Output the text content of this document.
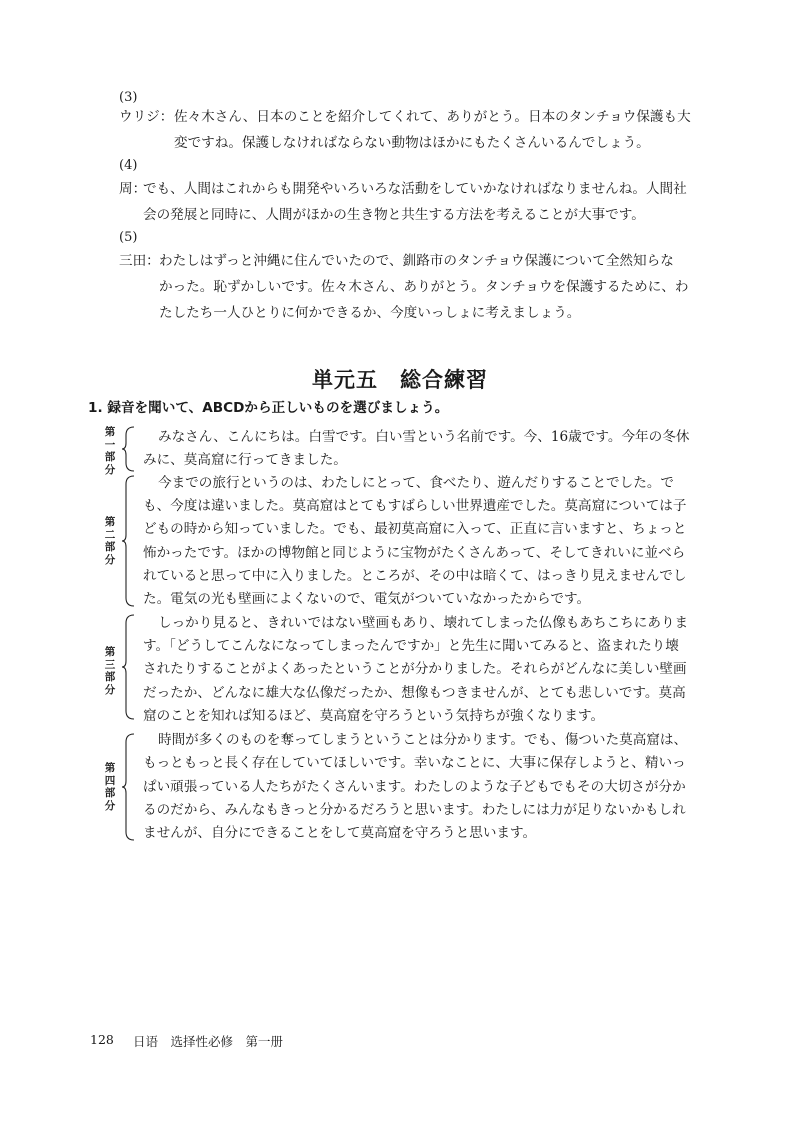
(3)
ウリジ： 佐々木さん、日本のことを紹介してくれて、ありがとう。日本のタンチョウ保護も大
変ですね。保護しなければならない動物はほかにもたくさんいるんでしょう。
(4)
周：
でも、人間はこれからも開発やいろいろな活動をしていかなければなりませんね。人間社
会の発展と同時に、人間がほかの生き物と共生する方法を考えることが大事です。
(5)
三田： わたしはずっと沖縄に住んでいたので、釧路市のタンチョウ保護について全然知らな
かった。恥ずかしいです。佐々木さん、ありがとう。タンチョウを保護するために、わ
たしたち一人ひとりに何かできるか、今度いっしょに考えましょう。
単元五　総合練習
1. 録音を聞いて、ABCDから正しいものを選びましょう。
第
一
部
分
みなさん、こんにちは。白雪です。白い雪という名前です。今、16歳です。今年の冬休
みに、莫高窟に行ってきました。
第
二
部
分
今までの旅行というのは、わたしにとって、食べたり、遊んだりすることでした。で
も、今度は違いました。莫高窟はとてもすばらしい世界遺産でした。莫高窟については子
どもの時から知っていました。でも、最初莫高窟に入って、正直に言いますと、ちょっと
怖かったです。ほかの博物館と同じように宝物がたくさんあって、そしてきれいに並べら
れていると思って中に入りました。ところが、その中は暗くて、はっきり見えませんでし
た。電気の光も壁画によくないので、電気がついていなかったからです。
第
三
部
分
しっかり見ると、きれいではない壁画もあり、壊れてしまった仏像もあちこちにありま
す。「どうしてこんなになってしまったんですか」と先生に聞いてみると、盗まれたり壊
されたりすることがよくあったということが分かりました。それらがどんなに美しい壁画
だったか、どんなに雄大な仏像だったか、想像もつきませんが、とても悲しいです。莫高
窟のことを知れば知るほど、莫高窟を守ろうという気持ちが強くなります。
第
四
部
分
時間が多くのものを奪ってしまうということは分かります。でも、傷ついた莫高窟は、
もっともっと長く存在していてほしいです。幸いなことに、大事に保存しようと、精いっ
ぱい頑張っている人たちがたくさんいます。わたしのような子どもでもその大切さが分か
るのだから、みんなもきっと分かるだろうと思います。わたしには力が足りないかもしれ
ませんが、自分にできることをして莫高窟を守ろうと思います。
128 日语　选择性必修　第一册
